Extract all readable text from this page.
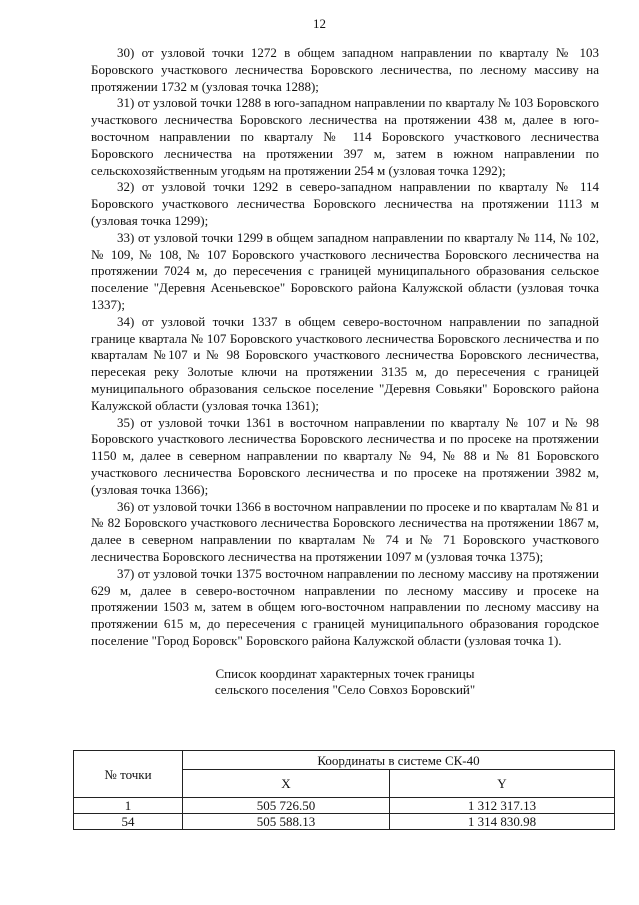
12

30) от узловой точки 1272 в общем западном направлении по кварталу № 103 Боровского участкового лесничества Боровского лесничества, по лесному массиву на протяжении 1732 м (узловая точка 1288);

31) от узловой точки 1288 в юго-западном направлении по кварталу № 103 Боровского участкового лесничества Боровского лесничества на протяжении 438 м, далее в юго-восточном направлении по кварталу № 114 Боровского участкового лесничества Боровского лесничества на протяжении 397 м, затем в южном направлении по сельскохозяйственным угодьям на протяжении 254 м (узловая точка 1292);

32) от узловой точки 1292 в северо-западном направлении по кварталу № 114 Боровского участкового лесничества Боровского лесничества на протяжении 1113 м (узловая точка 1299);

33) от узловой точки 1299 в общем западном направлении по кварталу № 114, № 102, № 109, № 108, № 107 Боровского участкового лесничества Боровского лесничества на протяжении 7024 м, до пересечения с границей муниципального образования сельское поселение "Деревня Асеньевское" Боровского района Калужской области (узловая точка 1337);

34) от узловой точки 1337 в общем северо-восточном направлении по западной границе квартала № 107 Боровского участкового лесничества Боровского лесничества и по кварталам №107 и № 98 Боровского участкового лесничества Боровского лесничества, пересекая реку Золотые ключи на протяжении 3135 м, до пересечения с границей муниципального образования сельское поселение "Деревня Совьяки" Боровского района Калужской области (узловая точка 1361);

35) от узловой точки 1361 в восточном направлении по кварталу № 107 и № 98 Боровского участкового лесничества Боровского лесничества и по просеке на протяжении 1150 м, далее в северном направлении по кварталу № 94, № 88 и № 81 Боровского участкового лесничества Боровского лесничества и по просеке на протяжении 3982 м, (узловая точка 1366);

36) от узловой точки 1366 в восточном направлении по просеке и по кварталам № 81 и № 82 Боровского участкового лесничества Боровского лесничества на протяжении 1867 м, далее в северном направлении по кварталам № 74 и № 71 Боровского участкового лесничества Боровского лесничества на протяжении 1097 м (узловая точка 1375);

37) от узловой точки 1375 восточном направлении по лесному массиву на протяжении 629 м, далее в северо-восточном направлении по лесному массиву и просеке на протяжении 1503 м, затем в общем юго-восточном направлении по лесному массиву на протяжении 615 м, до пересечения с границей муниципального образования городское поселение "Город Боровск" Боровского района Калужской области (узловая точка 1).

Список координат характерных точек границы
сельского поселения "Село Совхоз Боровский"
№ точки	Координаты в системе СК-40	
	X	Y
1	505 726.50	1 312 317.13
54	505 588.13	1 314 830.98
